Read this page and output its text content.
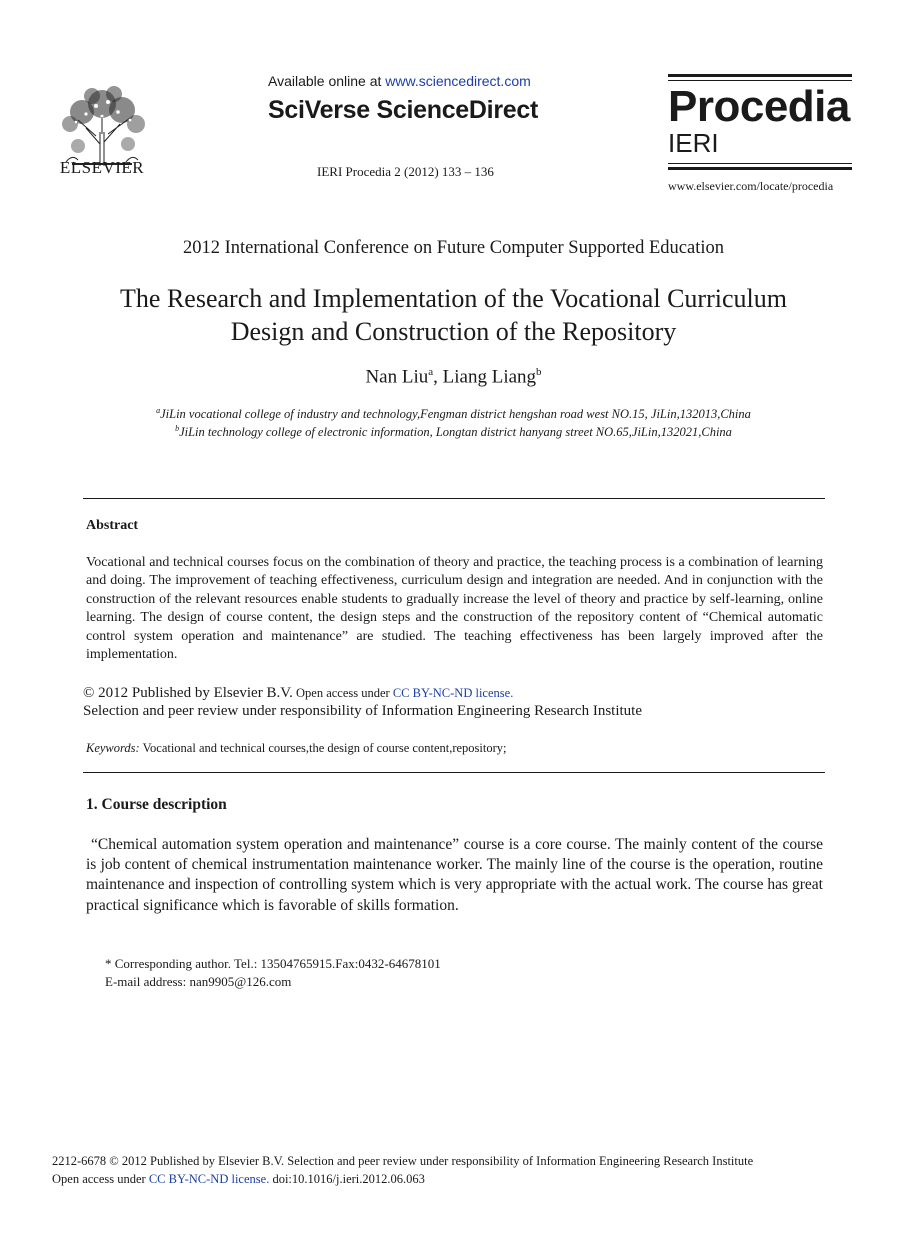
ELSEVIER
Available online at www.sciencedirect.com
SciVerse ScienceDirect
IERI Procedia 2 (2012) 133 – 136
Procedia
IERI
www.elsevier.com/locate/procedia
2012 International Conference on Future Computer Supported Education
The Research and Implementation of the Vocational Curriculum
Design and Construction of the Repository
Nan Liu$^a$, Liang Liang$^b$
$^a$JiLin vocational college of industry and technology,Fengman district hengshan road west NO.15, JiLin,132013,China
$^b$JiLin technology college of electronic information, Longtan district hanyang street NO.65,JiLin,132021,China
Abstract
Vocational and technical courses focus on the combination of theory and practice, the teaching process is a combination of learning and doing. The improvement of teaching effectiveness, curriculum design and integration are needed. And in conjunction with the construction of the relevant resources enable students to gradually increase the level of theory and practice by self-learning, online learning. The design of course content, the design steps and the construction of the repository content of “Chemical automatic control system operation and maintenance” are studied. The teaching effectiveness has been largely improved after the implementation.
© 2012 Published by Elsevier B.V. Open access under CC BY-NC-ND license.
Selection and peer review under responsibility of Information Engineering Research Institute
Keywords: Vocational and technical courses,the design of course content,repository;
1. Course description
“Chemical automation system operation and maintenance” course is a core course. The mainly content of the course is job content of chemical instrumentation maintenance worker. The mainly line of the course is the operation, routine maintenance and inspection of controlling system which is very appropriate with the actual work. The course has great practical significance which is favorable of skills formation.
* Corresponding author. Tel.: 13504765915.Fax:0432-64678101
E-mail address: nan9905@126.com
2212-6678 © 2012 Published by Elsevier B.V. Selection and peer review under responsibility of Information Engineering Research Institute
Open access under CC BY-NC-ND license. doi:10.1016/j.ieri.2012.06.063
